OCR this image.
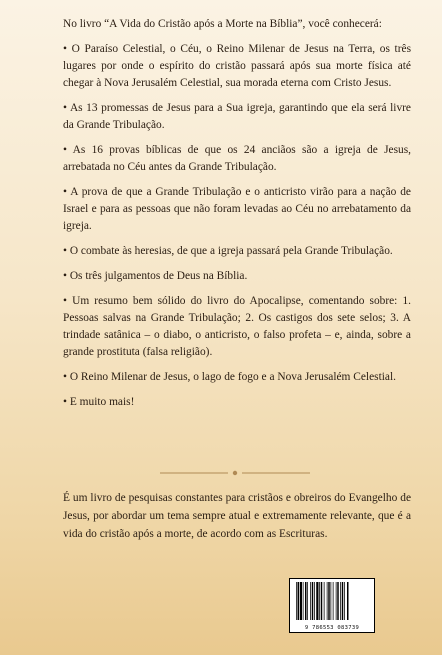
No livro “A Vida do Cristão após a Morte na Bíblia”, você conhecerá:

• O Paraíso Celestial, o Céu, o Reino Milenar de Jesus na Terra, os três lugares por onde o espírito do cristão passará após sua morte física até chegar à Nova Jerusalém Celestial, sua morada eterna com Cristo Jesus.
• As 13 promessas de Jesus para a Sua igreja, garantindo que ela será livre da Grande Tribulação.
• As 16 provas bíblicas de que os 24 anciãos são a igreja de Jesus, arrebatada no Céu antes da Grande Tribulação.
• A prova de que a Grande Tribulação e o anticristo virão para a nação de Israel e para as pessoas que não foram levadas ao Céu no arrebatamento da igreja.
• O combate às heresias, de que a igreja passará pela Grande Tribulação.
• Os três julgamentos de Deus na Bíblia.
• Um resumo bem sólido do livro do Apocalipse, comentando sobre: 1. Pessoas salvas na Grande Tribulação; 2. Os castigos dos sete selos; 3. A trindade satânica – o diabo, o anticristo, o falso profeta – e, ainda, sobre a grande prostituta (falsa religião).
• O Reino Milenar de Jesus, o lago de fogo e a Nova Jerusalém Celestial.
• E muito mais!

É um livro de pesquisas constantes para cristãos e obreiros do Evangelho de Jesus, por abordar um tema sempre atual e extremamente relevante, que é a vida do cristão após a morte, de acordo com as Escrituras.

9 786553 083739
